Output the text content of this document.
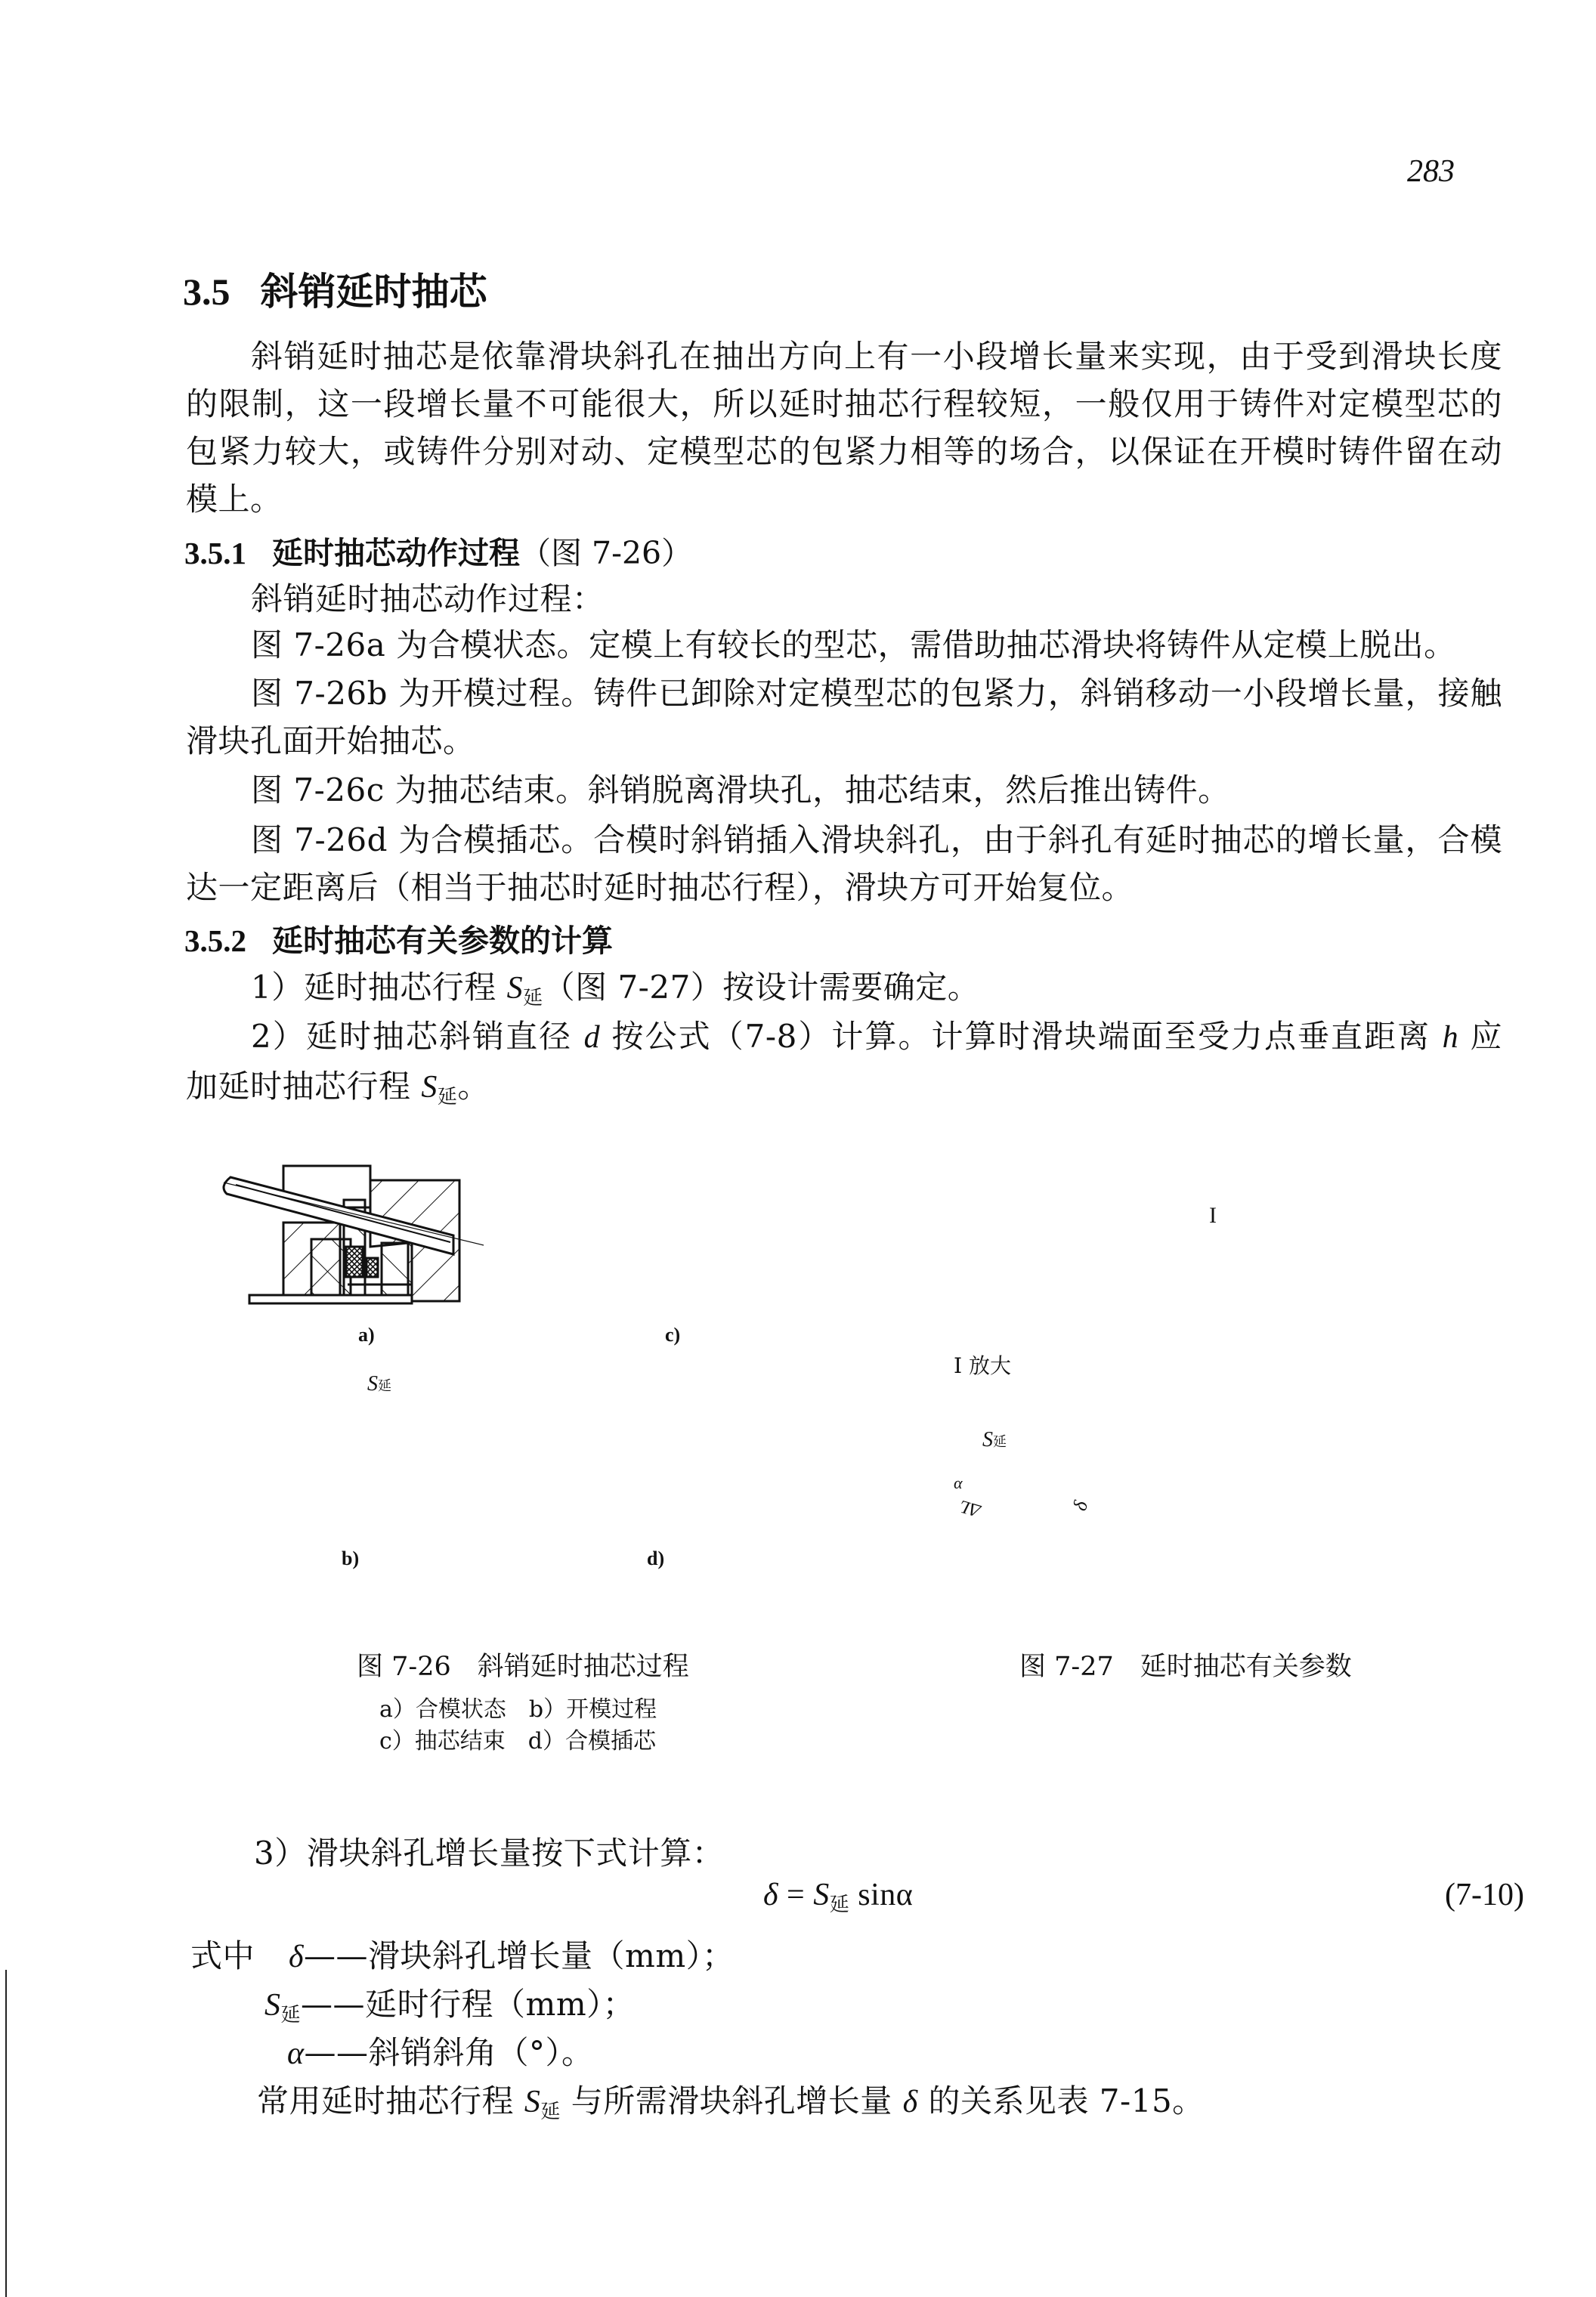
283
3.5 斜销延时抽芯
斜销延时抽芯是依靠滑块斜孔在抽出方向上有一小段增长量来实现，由于受到滑块长度的限制，这一段增长量不可能很大，所以延时抽芯行程较短，一般仅用于铸件对定模型芯的包紧力较大，或铸件分别对动、定模型芯的包紧力相等的场合，以保证在开模时铸件留在动模上。
3.5.1 延时抽芯动作过程（图 7-26）
斜销延时抽芯动作过程：
图 7-26a 为合模状态。定模上有较长的型芯，需借助抽芯滑块将铸件从定模上脱出。
图 7-26b 为开模过程。铸件已卸除对定模型芯的包紧力，斜销移动一小段增长量，接触滑块孔面开始抽芯。
图 7-26c 为抽芯结束。斜销脱离滑块孔，抽芯结束，然后推出铸件。
图 7-26d 为合模插芯。合模时斜销插入滑块斜孔，由于斜孔有延时抽芯的增长量，合模达一定距离后（相当于抽芯时延时抽芯行程），滑块方可开始复位。
3.5.2 延时抽芯有关参数的计算
1）延时抽芯行程 $S_延$（图 7-27）按设计需要确定。
2）延时抽芯斜销直径 d 按公式（7-8）计算。计算时滑块端面至受力点垂直距离 h 应
加延时抽芯行程 $S_延$。
a)	c)
b)	d)
S延
I 放大
I
S延
α
ΔL	δ
图 7-26　斜销延时抽芯过程
a）合模状态　b）开模过程
c）抽芯结束　d）合模插芯
图 7-27　延时抽芯有关参数
3）滑块斜孔增长量按下式计算：
$\delta = S_延$ sinα	(7-10)
式中 δ——滑块斜孔增长量（mm）；
$S_延——$延时行程（mm）；
α——斜销斜角（°）。
常用延时抽芯行程 $S_延$ 与所需滑块斜孔增长量 δ 的关系见表 7-15。
